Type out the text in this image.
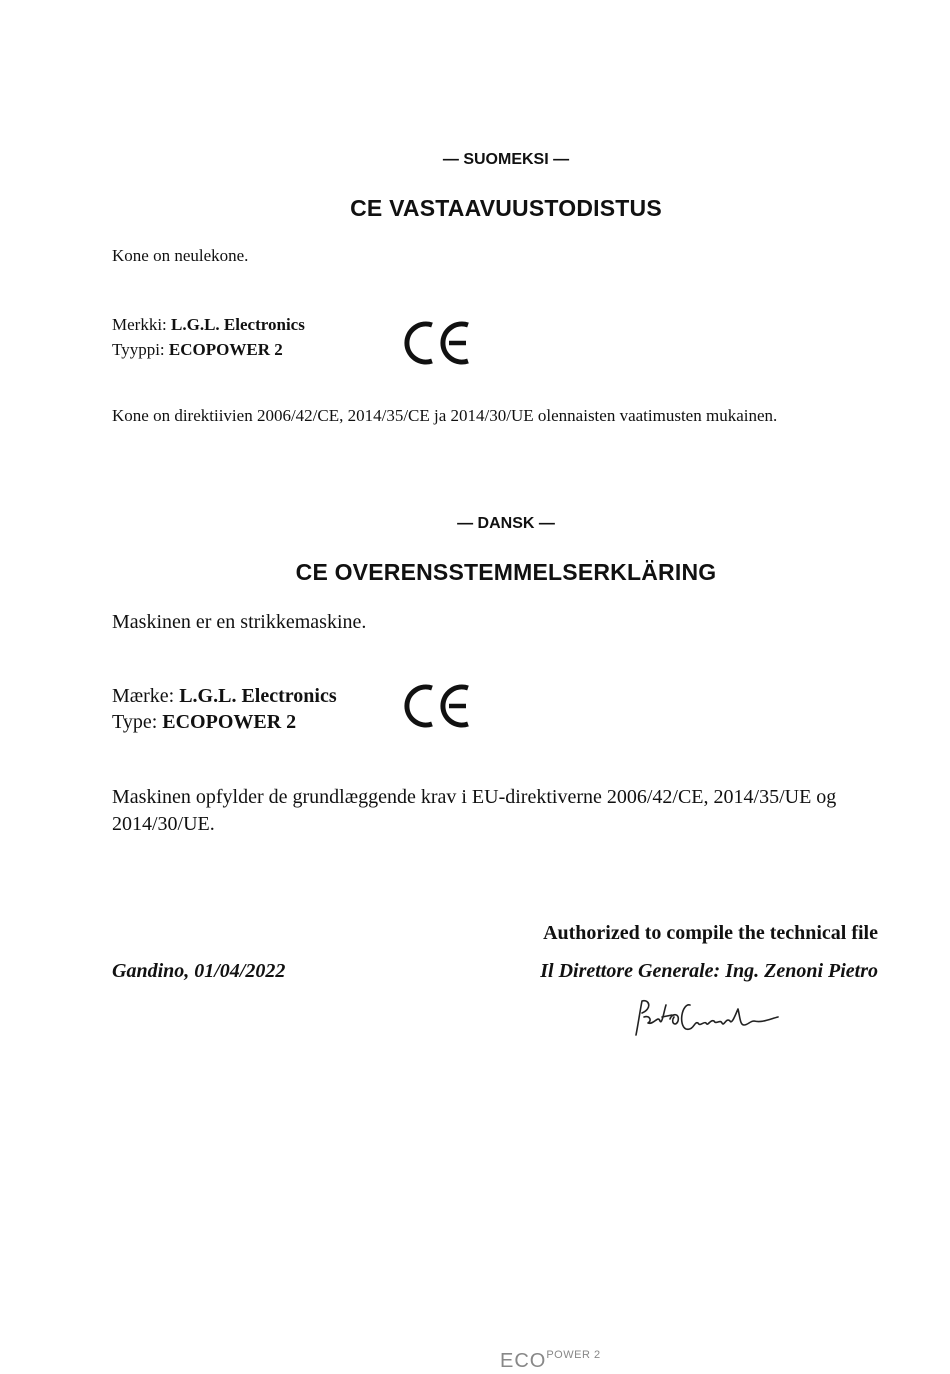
— SUOMEKSI —
CE VASTAAVUUSTODISTUS
Kone on neulekone.
Merkki: L.G.L. Electronics
Tyyppi: ECOPOWER 2
Kone on direktiivien 2006/42/CE, 2014/35/CE ja 2014/30/UE olennaisten vaatimusten mukainen.
— DANSK —
CE OVERENSSTEMMELSERKLÄRING
Maskinen er en strikkemaskine.
Mærke: L.G.L. Electronics
Type: ECOPOWER 2
Maskinen opfylder de grundlæggende krav i EU-direktiverne 2006/42/CE, 2014/35/UE og
2014/30/UE.
Authorized to compile the technical file
Gandino, 01/04/2022	Il Direttore Generale: Ing. Zenoni Pietro
$ECO^{POWER 2}$
